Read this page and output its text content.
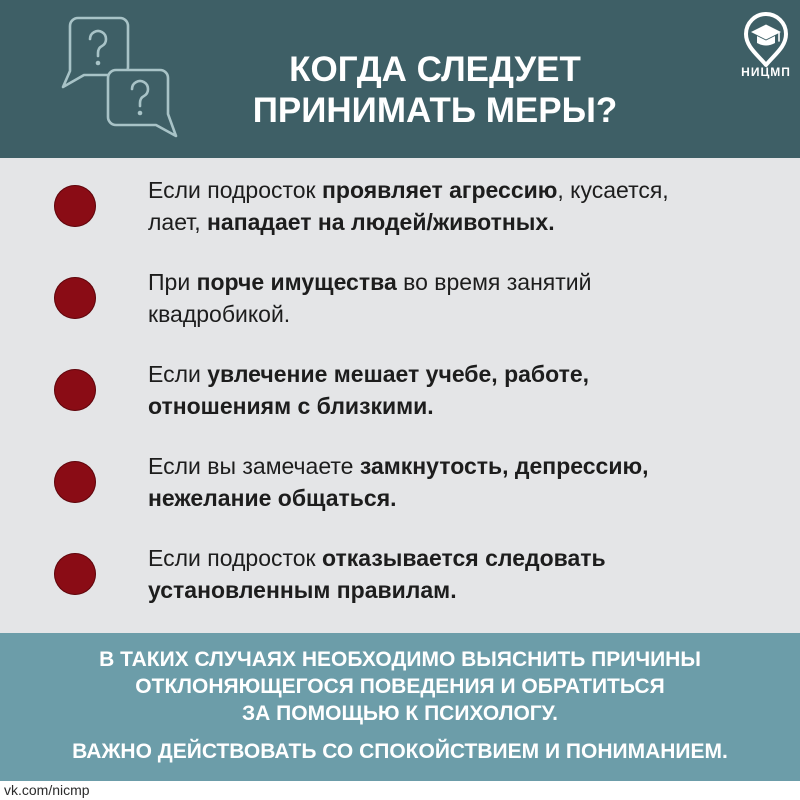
КОГДА СЛЕДУЕТ
ПРИНИМАТЬ МЕРЫ?
НИЦМП
Если подросток проявляет агрессию, кусается,
лает, нападает на людей/животных.
При порче имущества во время занятий
квадробикой.
Если увлечение мешает учебе, работе,
отношениям с близкими.
Если вы замечаете замкнутость, депрессию,
нежелание общаться.
Если подросток отказывается следовать
установленным правилам.
В ТАКИХ СЛУЧАЯХ НЕОБХОДИМО ВЫЯСНИТЬ ПРИЧИНЫ
ОТКЛОНЯЮЩЕГОСЯ ПОВЕДЕНИЯ И ОБРАТИТЬСЯ
ЗА ПОМОЩЬЮ К ПСИХОЛОГУ.
ВАЖНО ДЕЙСТВОВАТЬ СО СПОКОЙСТВИЕМ И ПОНИМАНИЕМ.
vk.com/nicmp
